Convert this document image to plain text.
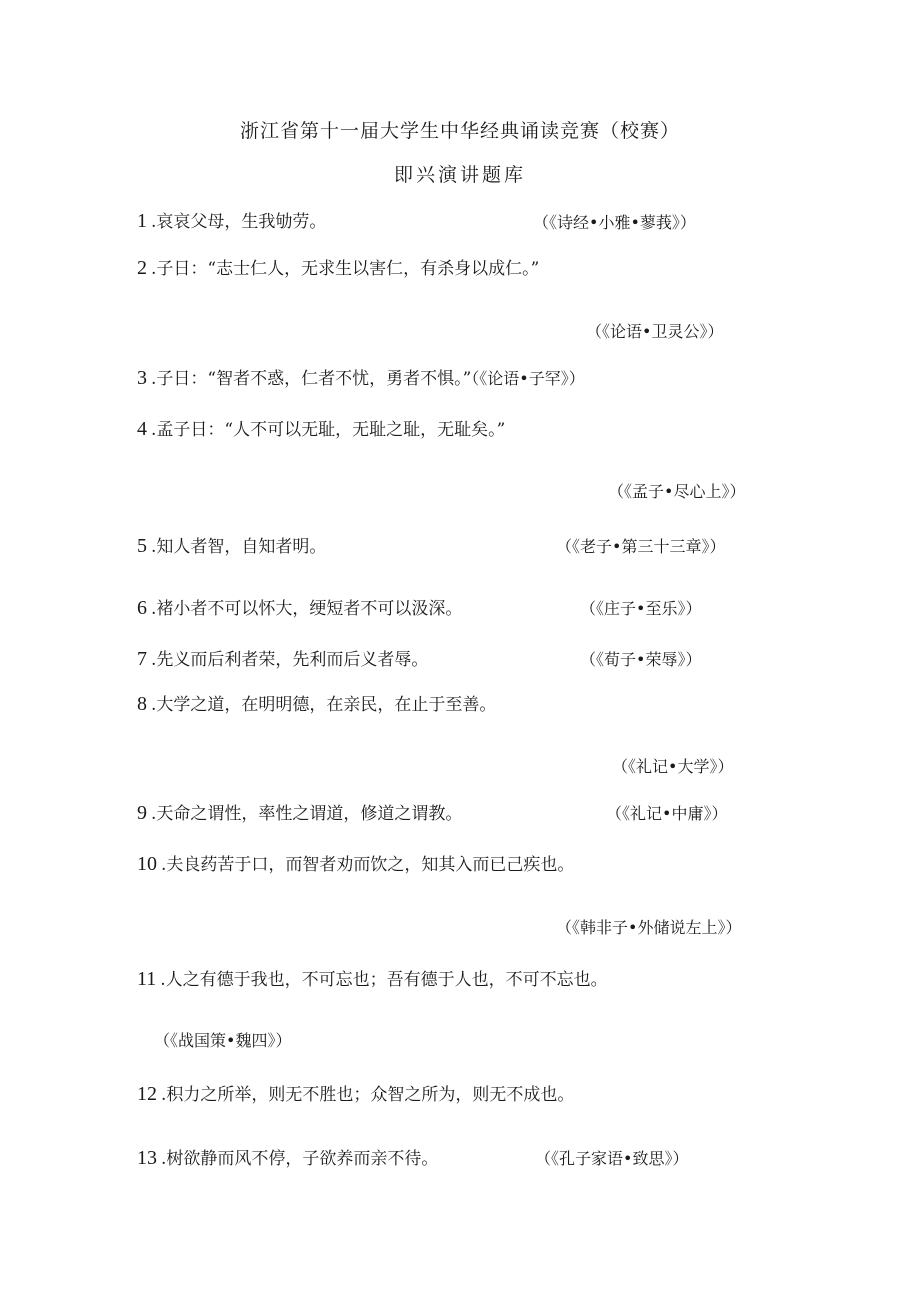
浙江省第十一届大学生中华经典诵读竞赛（校赛）
即兴演讲题库
1 .哀哀父母，生我劬劳。	（《诗经•小雅•蓼莪》）
2 .子日：“志士仁人，无求生以害仁，有杀身以成仁。”
（《论语•卫灵公》）
3 .子日：“智者不惑，仁者不忧，勇者不惧。”（《论语•子罕》）
4 .孟子日：“人不可以无耻，无耻之耻，无耻矣。”
（《孟子•尽心上》）
5 .知人者智，自知者明。	（《老子•第三十三章》）
6 .褚小者不可以怀大，绠短者不可以汲深。	（《庄子•至乐》）
7 .先义而后利者荣，先利而后义者辱。	（《荀子•荣辱》）
8 .大学之道，在明明德，在亲民，在止于至善。
（《礼记•大学》）
9 .天命之谓性，率性之谓道，修道之谓教。	（《礼记•中庸》）
10 .夫良药苦于口，而智者劝而饮之，知其入而已己疾也。
（《韩非子•外储说左上》）
11 .人之有德于我也，不可忘也；吾有德于人也，不可不忘也。
（《战国策•魏四》）
12 .积力之所举，则无不胜也；众智之所为，则无不成也。
13 .树欲静而风不停，子欲养而亲不待。	（《孔子家语•致思》）
